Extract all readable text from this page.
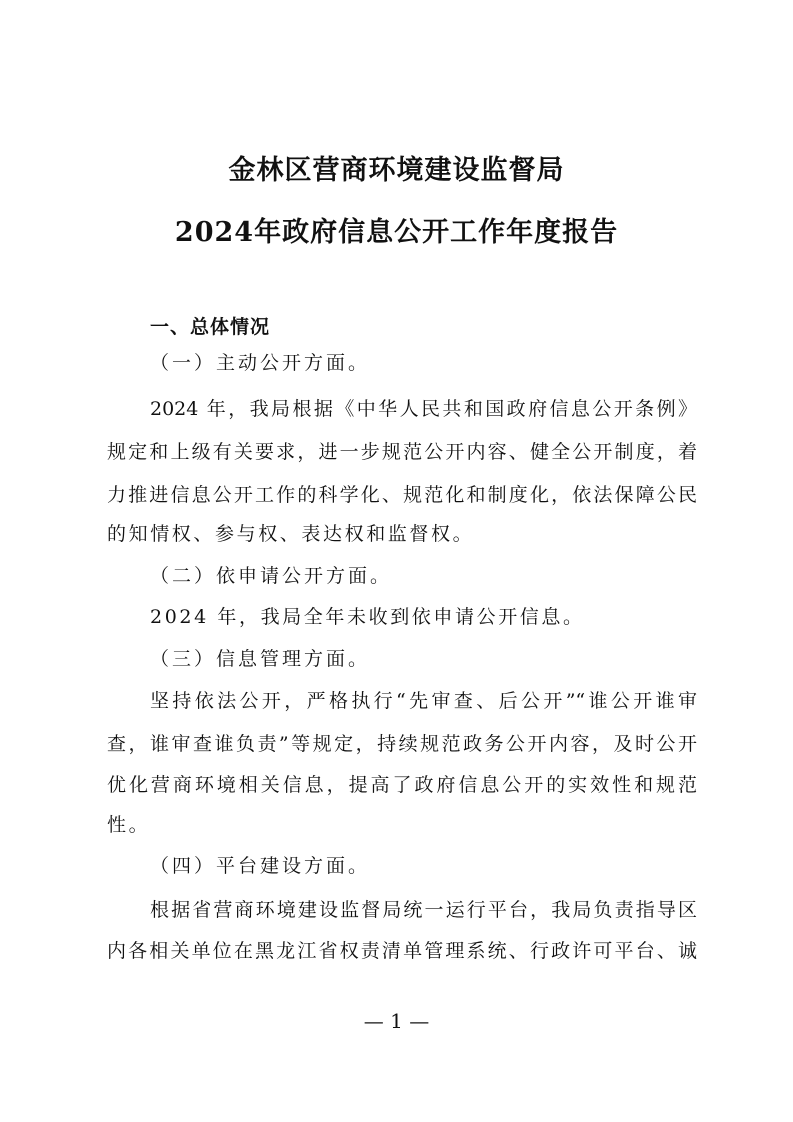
金林区营商环境建设监督局
2024年政府信息公开工作年度报告
一、总体情况
（一）主动公开方面。
2024 年，我局根据《中华人民共和国政府信息公开条例》
规定和上级有关要求，进一步规范公开内容、健全公开制度，着
力推进信息公开工作的科学化、规范化和制度化，依法保障公民
的知情权、参与权、表达权和监督权。
（二）依申请公开方面。
2024 年，我局全年未收到依申请公开信息。
（三）信息管理方面。
坚持依法公开，严格执行“先审查、后公开”“谁公开谁审
查，谁审查谁负责”等规定，持续规范政务公开内容，及时公开
优化营商环境相关信息，提高了政府信息公开的实效性和规范
性。
（四）平台建设方面。
根据省营商环境建设监督局统一运行平台，我局负责指导区
内各相关单位在黑龙江省权责清单管理系统、行政许可平台、诚
— 1 —
